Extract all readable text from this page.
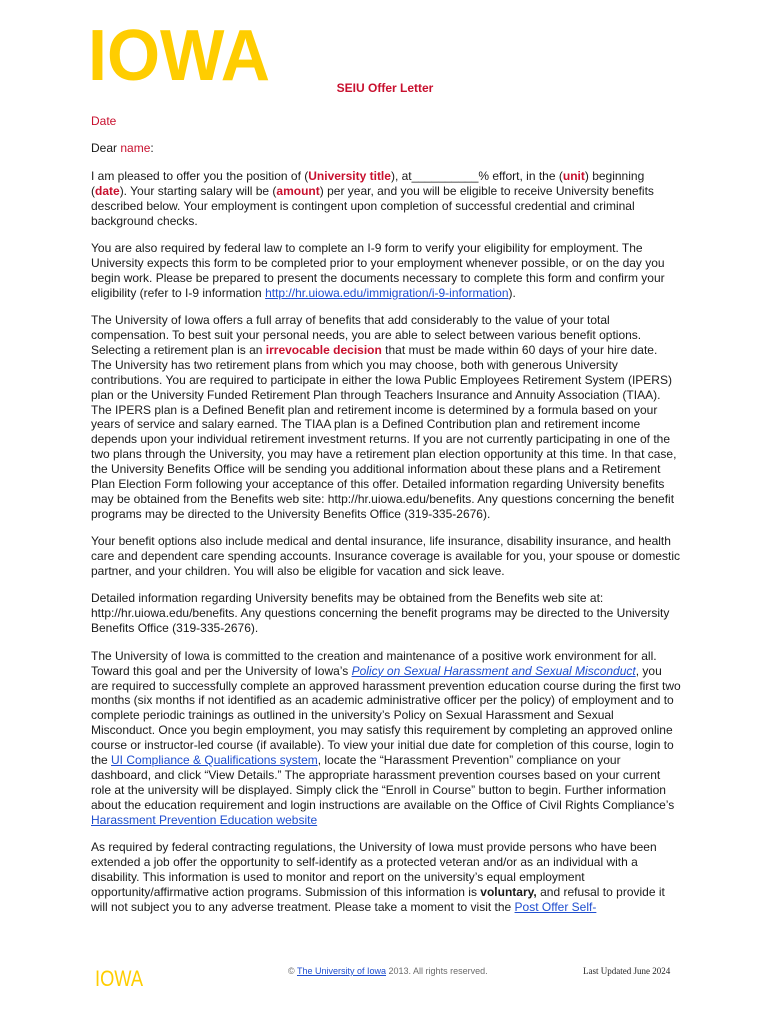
IOWA	SEIU Offer Letter

Date

Dear name:

I am pleased to offer you the position of (University title), at__________% effort, in the (unit) beginning (date). Your starting salary will be (amount) per year, and you will be eligible to receive University benefits described below. Your employment is contingent upon completion of successful credential and criminal background checks.

You are also required by federal law to complete an I-9 form to verify your eligibility for employment. The University expects this form to be completed prior to your employment whenever possible, or on the day you begin work. Please be prepared to present the documents necessary to complete this form and confirm your eligibility (refer to I-9 information http://hr.uiowa.edu/immigration/i-9-information).

The University of Iowa offers a full array of benefits that add considerably to the value of your total compensation. To best suit your personal needs, you are able to select between various benefit options. Selecting a retirement plan is an irrevocable decision that must be made within 60 days of your hire date. The University has two retirement plans from which you may choose, both with generous University contributions. You are required to participate in either the Iowa Public Employees Retirement System (IPERS) plan or the University Funded Retirement Plan through Teachers Insurance and Annuity Association (TIAA). The IPERS plan is a Defined Benefit plan and retirement income is determined by a formula based on your years of service and salary earned. The TIAA plan is a Defined Contribution plan and retirement income depends upon your individual retirement investment returns. If you are not currently participating in one of the two plans through the University, you may have a retirement plan election opportunity at this time. In that case, the University Benefits Office will be sending you additional information about these plans and a Retirement Plan Election Form following your acceptance of this offer. Detailed information regarding University benefits may be obtained from the Benefits web site: http://hr.uiowa.edu/benefits. Any questions concerning the benefit programs may be directed to the University Benefits Office (319-335-2676).

Your benefit options also include medical and dental insurance, life insurance, disability insurance, and health care and dependent care spending accounts. Insurance coverage is available for you, your spouse or domestic partner, and your children. You will also be eligible for vacation and sick leave.

Detailed information regarding University benefits may be obtained from the Benefits web site at: http://hr.uiowa.edu/benefits. Any questions concerning the benefit programs may be directed to the University Benefits Office (319-335-2676).

The University of Iowa is committed to the creation and maintenance of a positive work environment for all. Toward this goal and per the University of Iowa’s Policy on Sexual Harassment and Sexual Misconduct, you are required to successfully complete an approved harassment prevention education course during the first two months (six months if not identified as an academic administrative officer per the policy) of employment and to complete periodic trainings as outlined in the university’s Policy on Sexual Harassment and Sexual Misconduct. Once you begin employment, you may satisfy this requirement by completing an approved online course or instructor-led course (if available). To view your initial due date for completion of this course, login to the UI Compliance & Qualifications system, locate the “Harassment Prevention” compliance on your dashboard, and click “View Details.” The appropriate harassment prevention courses based on your current role at the university will be displayed. Simply click the “Enroll in Course” button to begin. Further information about the education requirement and login instructions are available on the Office of Civil Rights Compliance’s Harassment Prevention Education website

As required by federal contracting regulations, the University of Iowa must provide persons who have been extended a job offer the opportunity to self-identify as a protected veteran and/or as an individual with a disability. This information is used to monitor and report on the university’s equal employment opportunity/affirmative action programs. Submission of this information is voluntary, and refusal to provide it will not subject you to any adverse treatment. Please take a moment to visit the Post Offer Self-

IOWA	© The University of Iowa 2013. All rights reserved.	Last Updated June 2024
